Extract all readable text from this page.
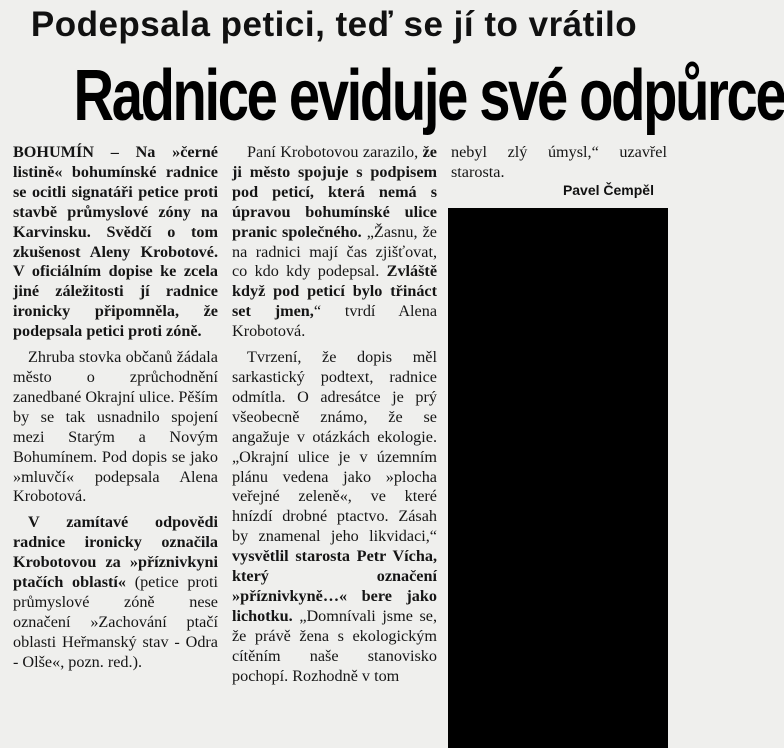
Podepsala petici, teď se jí to vrátilo
Radnice eviduje své odpůrce

BOHUMÍN – Na »černé listině« bohumínské radnice se ocitli signatáři petice proti stavbě průmyslové zóny na Karvinsku. Svědčí o tom zkušenost Aleny Krobotové. V oficiálním dopise ke zcela jiné záležitosti jí radnice ironicky připomněla, že podepsala petici proti zóně.

Zhruba stovka občanů žádala město o zprůchodnění zanedbané Okrajní ulice. Pěším by se tak usnadnilo spojení mezi Starým a Novým Bohumínem. Pod dopis se jako »mluvčí« podepsala Alena Krobotová.

V zamítavé odpovědi radnice ironicky označila Krobotovou za »příznivkyni ptačích oblastí« (petice proti průmyslové zóně nese označení »Zachování ptačí oblasti Heřmanský stav - Odra - Olše«, pozn. red.).

Paní Krobotovou zarazilo, že ji město spojuje s podpisem pod peticí, která nemá s úpravou bohumínské ulice pranic společného. „Žasnu, že na radnici mají čas zjišťovat, co kdo kdy podepsal. Zvláště když pod peticí bylo třináct set jmen,“ tvrdí Alena Krobotová.

Tvrzení, že dopis měl sarkastický podtext, radnice odmítla. O adresátce je prý všeobecně známo, že se angažuje v otázkách ekologie. „Okrajní ulice je v územním plánu vedena jako »plocha veřejné zeleně«, ve které hnízdí drobné ptactvo. Zásah by znamenal jeho likvidaci,“ vysvětlil starosta Petr Vícha, který označení »příznivkyně…« bere jako lichotku. „Domnívali jsme se, že právě žena s ekologickým cítěním naše stanovisko pochopí. Rozhodně v tom

nebyl zlý úmysl,“ uzavřel starosta.

Pavel Čempěl
